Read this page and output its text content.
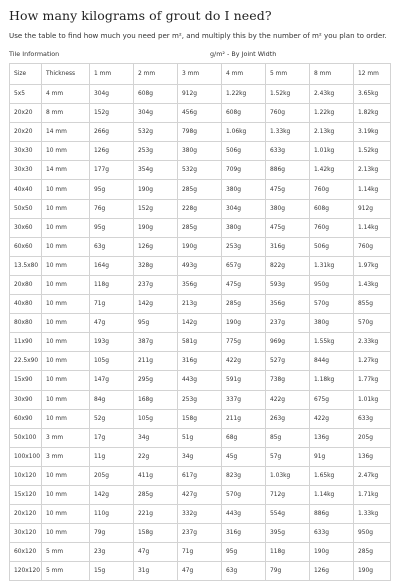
How many kilograms of grout do I need?
Use the table to find how much you need per m², and multiply this by the number of m² you plan to order.
Tile Information	g/m² - By Joint Width
Size	Thickness	1 mm	2 mm	3 mm	4 mm	5 mm	8 mm	12 mm
5x5	4 mm	304g	608g	912g	1.22kg	1.52kg	2.43kg	3.65kg
20x20	8 mm	152g	304g	456g	608g	760g	1.22kg	1.82kg
20x20	14 mm	266g	532g	798g	1.06kg	1.33kg	2.13kg	3.19kg
30x30	10 mm	126g	253g	380g	506g	633g	1.01kg	1.52kg
30x30	14 mm	177g	354g	532g	709g	886g	1.42kg	2.13kg
40x40	10 mm	95g	190g	285g	380g	475g	760g	1.14kg
50x50	10 mm	76g	152g	228g	304g	380g	608g	912g
30x60	10 mm	95g	190g	285g	380g	475g	760g	1.14kg
60x60	10 mm	63g	126g	190g	253g	316g	506g	760g
13.5x80	10 mm	164g	328g	493g	657g	822g	1.31kg	1.97kg
20x80	10 mm	118g	237g	356g	475g	593g	950g	1.43kg
40x80	10 mm	71g	142g	213g	285g	356g	570g	855g
80x80	10 mm	47g	95g	142g	190g	237g	380g	570g
11x90	10 mm	193g	387g	581g	775g	969g	1.55kg	2.33kg
22.5x90	10 mm	105g	211g	316g	422g	527g	844g	1.27kg
15x90	10 mm	147g	295g	443g	591g	738g	1.18kg	1.77kg
30x90	10 mm	84g	168g	253g	337g	422g	675g	1.01kg
60x90	10 mm	52g	105g	158g	211g	263g	422g	633g
50x100	3 mm	17g	34g	51g	68g	85g	136g	205g
100x100	3 mm	11g	22g	34g	45g	57g	91g	136g
10x120	10 mm	205g	411g	617g	823g	1.03kg	1.65kg	2.47kg
15x120	10 mm	142g	285g	427g	570g	712g	1.14kg	1.71kg
20x120	10 mm	110g	221g	332g	443g	554g	886g	1.33kg
30x120	10 mm	79g	158g	237g	316g	395g	633g	950g
60x120	5 mm	23g	47g	71g	95g	118g	190g	285g
120x120	5 mm	15g	31g	47g	63g	79g	126g	190g
